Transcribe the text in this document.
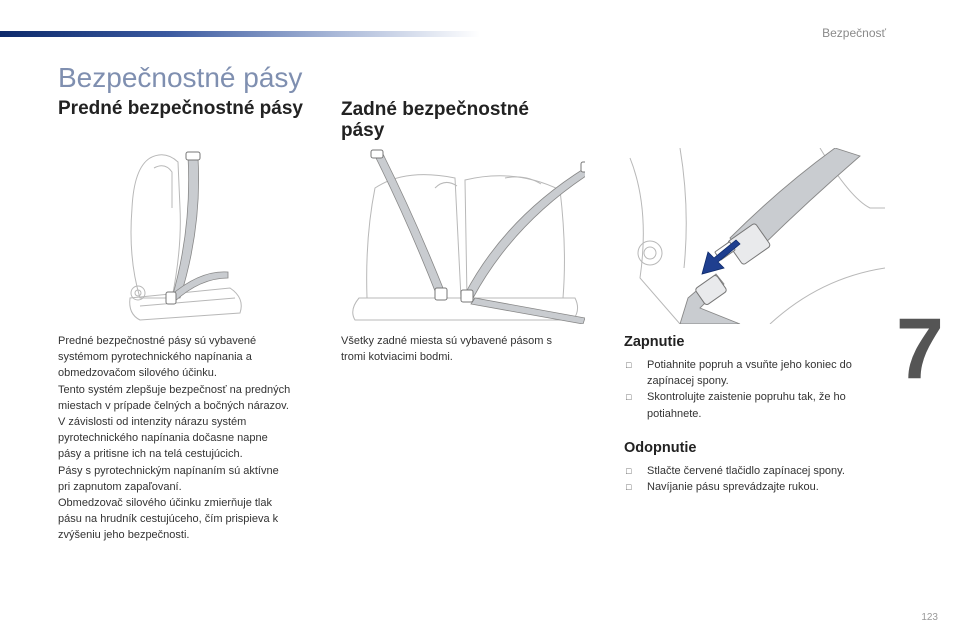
Bezpečnosť
7
Bezpečnostné pásy
Predné bezpečnostné pásy Zadné bezpečnostné
pásy
Predné bezpečnostné pásy sú vybavené
systémom pyrotechnického napínania a
obmedzovačom silového účinku.
Tento systém zlepšuje bezpečnosť na predných
miestach v prípade čelných a bočných nárazov.
V závislosti od intenzity nárazu systém
pyrotechnického napínania dočasne napne
pásy a pritisne ich na telá cestujúcich.
Pásy s pyrotechnickým napínaním sú aktívne
pri zapnutom zapaľovaní.
Obmedzovač silového účinku zmierňuje tlak
pásu na hrudník cestujúceho, čím prispieva k
zvýšeniu jeho bezpečnosti.
Všetky zadné miesta sú vybavené pásom s
tromi kotviacimi bodmi.
Zapnutie
□ Potiahnite popruh a vsuňte jeho koniec do
zapínacej spony.
□ Skontrolujte zaistenie popruhu tak, že ho
potiahnete.
Odopnutie
□ Stlačte červené tlačidlo zapínacej spony.
□ Navíjanie pásu sprevádzajte rukou.
123
